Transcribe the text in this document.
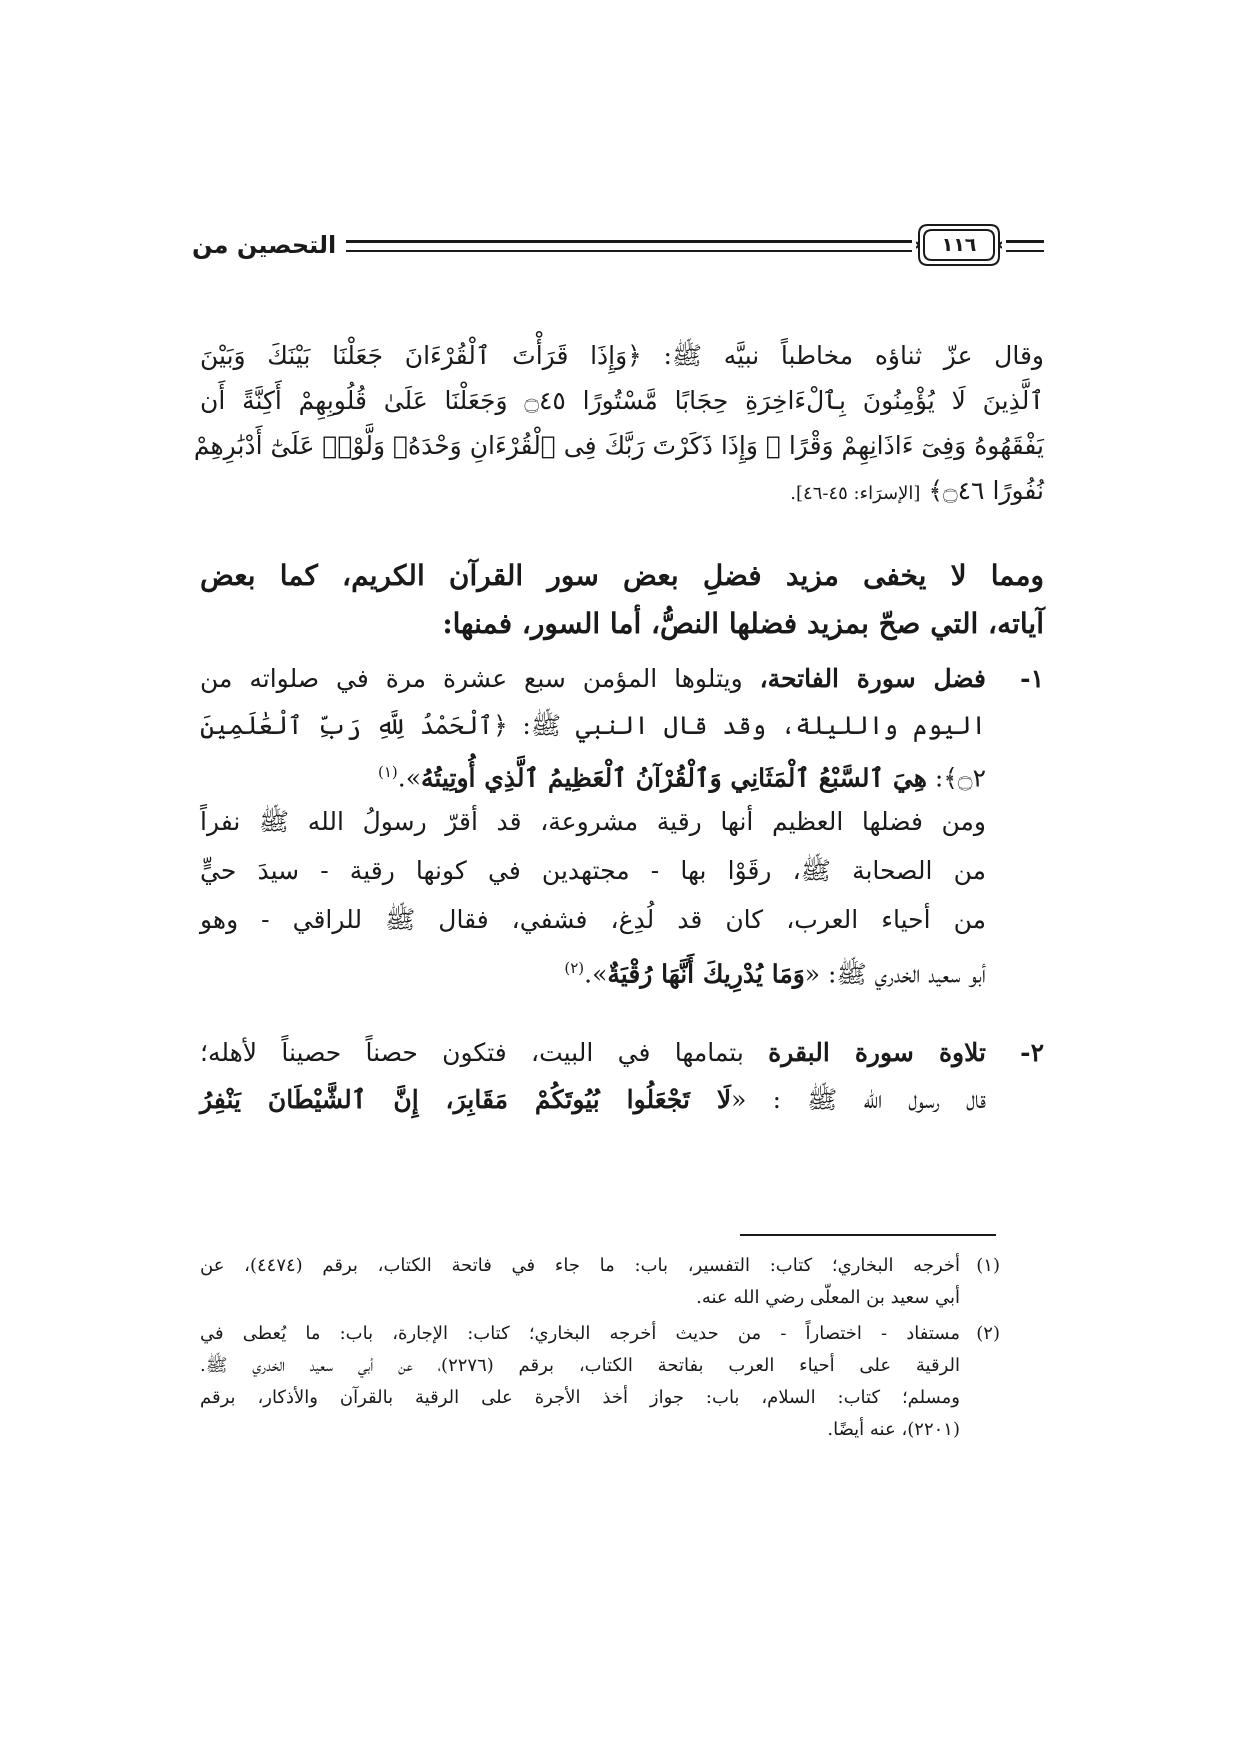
١١٦
التحصين من
وقال عزّ ثناؤه مخاطباً نبيَّه ﷺ: ﴿وَإِذَا قَرَأْتَ ٱلْقُرْءَانَ جَعَلْنَا بَيْنَكَ وَبَيْنَ
ٱلَّذِينَ لَا يُؤْمِنُونَ بِٱلْءَاخِرَةِ حِجَابًا مَّسْتُورًا ۝٤٥ وَجَعَلْنَا عَلَىٰ قُلُوبِهِمْ أَكِنَّةً أَن
يَفْقَهُوهُ وَفِىٓ ءَاذَانِهِمْ وَقْرًا ۚ وَإِذَا ذَكَرْتَ رَبَّكَ فِى ٱلْقُرْءَانِ وَحْدَهُۥ وَلَّوْا۟ عَلَىٰٓ أَدْبَٰرِهِمْ
نُفُورًا ۝٤٦﴾ [الإسرَاء: ٤٥-٤٦].
ومما لا يخفى مزيد فضلِ بعض سور القرآن الكريم، كما بعض
آياته، التي صحّ بمزيد فضلها النصُّ، أما السور، فمنها:
١-
فضل سورة الفاتحة، ويتلوها المؤمن سبع عشرة مرة في صلواته من
اليوم والليلة، وقد قال النبي ﷺ: ﴿ٱلْحَمْدُ لِلَّهِ رَبِّ ٱلْعَٰلَمِينَ
۝٢﴾: هِيَ ٱلسَّبْعُ ٱلْمَثَانِي وَٱلْقُرْآنُ ٱلْعَظِيمُ ٱلَّذِي أُوتِيتُهُ».$^{(١)}$
ومن فضلها العظيم أنها رقية مشروعة، قد أقرّ رسولُ الله ﷺ نفراً
من الصحابة ﷺ، رقَوْا بها - مجتهدين في كونها رقية - سيدَ حيٍّ
من أحياء العرب، كان قد لُدِغ، فشفي، فقال ﷺ للراقي - وهو
أبو سعيد الخدري ﷺ: «وَمَا يُدْرِيكَ أَنَّهَا رُقْيَةٌ».$^{(٢)}$
٢-
تلاوة سورة البقرة بتمامها في البيت، فتكون حصناً حصيناً لأهله؛
قال رسول الله ﷺ : «لَا تَجْعَلُوا بُيُوتَكُمْ مَقَابِرَ، إِنَّ ٱلشَّيْطَانَ يَنْفِرُ
(١)
أخرجه البخاري؛ كتاب: التفسير، باب: ما جاء في فاتحة الكتاب، برقم (٤٤٧٤)، عن
أبي سعيد بن المعلّى رضي الله عنه.
(٢)
مستفاد - اختصاراً - من حديث أخرجه البخاري؛ كتاب: الإجارة، باب: ما يُعطى في
الرقية على أحياء العرب بفاتحة الكتاب، برقم (٢٢٧٦)، عن أبي سعيد الخدري ﷺ.
ومسلم؛ كتاب: السلام، باب: جواز أخذ الأجرة على الرقية بالقرآن والأذكار، برقم
(٢٢٠١)، عنه أيضًا.
